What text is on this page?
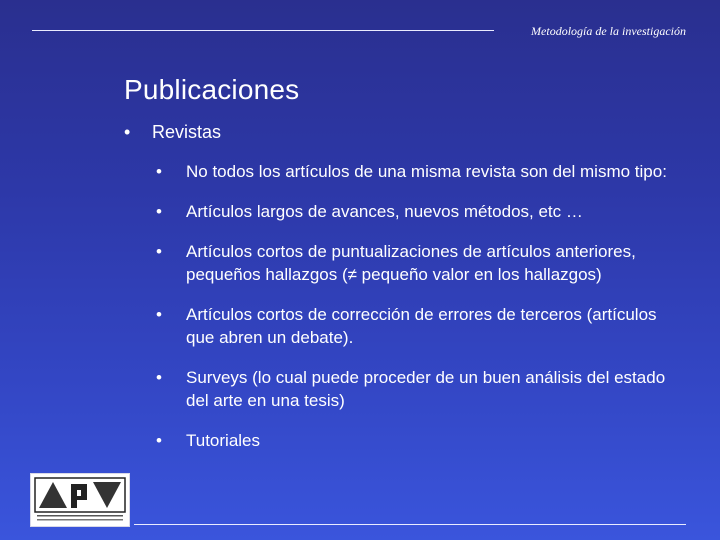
Metodología de la investigación
Publicaciones
•	Revistas
•	No todos los artículos de una misma revista son del mismo tipo:
•	Artículos largos de avances, nuevos métodos, etc …
•	Artículos cortos de puntualizaciones de artículos anteriores, pequeños hallazgos (≠ pequeño valor en los hallazgos)
•	Artículos cortos de corrección de errores de terceros (artículos que abren un debate).
•	Surveys (lo cual puede proceder de un buen análisis del estado del arte en una tesis)
•	Tutoriales
